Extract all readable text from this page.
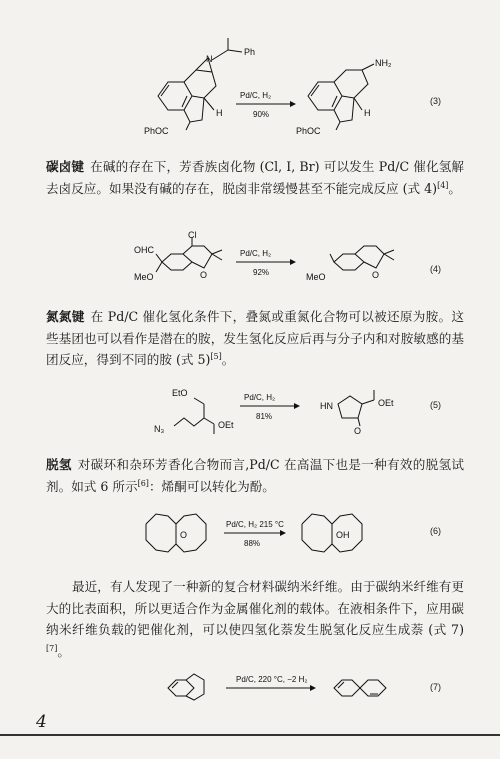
N
Ph
PhOC
H
Pd/C, H₂
90%
NH₂
PhOC
H
(3)

碳卤键 在碱的存在下，芳香族卤化物 (Cl, I, Br) 可以发生 Pd/C 催化氢解去卤反应。如果没有碱的存在，脱卤非常缓慢甚至不能完成反应 (式 4)[4]。

OHC
Cl
MeO	O
Pd/C, H₂
92%	MeO	O
(4)

氮氮键 在 Pd/C 催化氢化条件下，叠氮或重氮化合物可以被还原为胺。这些基团也可以看作是潜在的胺，发生氢化反应后再与分子内和对胺敏感的基团反应，得到不同的胺 (式 5)[5]。

EtO
N₃	OEt
Pd/C, H₂
81%
HN	OEt
O
(5)

脱氢 对碳环和杂环芳香化合物而言,Pd/C 在高温下也是一种有效的脱氢试剂。如式 6 所示[6]：烯酮可以转化为酚。

O
Pd/C, H₂ 215 °C
88%
OH	(6)

最近，有人发现了一种新的复合材料碳纳米纤维。由于碳纳米纤维有更大的比表面积，所以更适合作为金属催化剂的载体。在液相条件下，应用碳纳米纤维负载的钯催化剂，可以使四氢化萘发生脱氢化反应生成萘 (式 7)[7]。

Pd/C, 220 °C, −2 H₂
(7)
4
